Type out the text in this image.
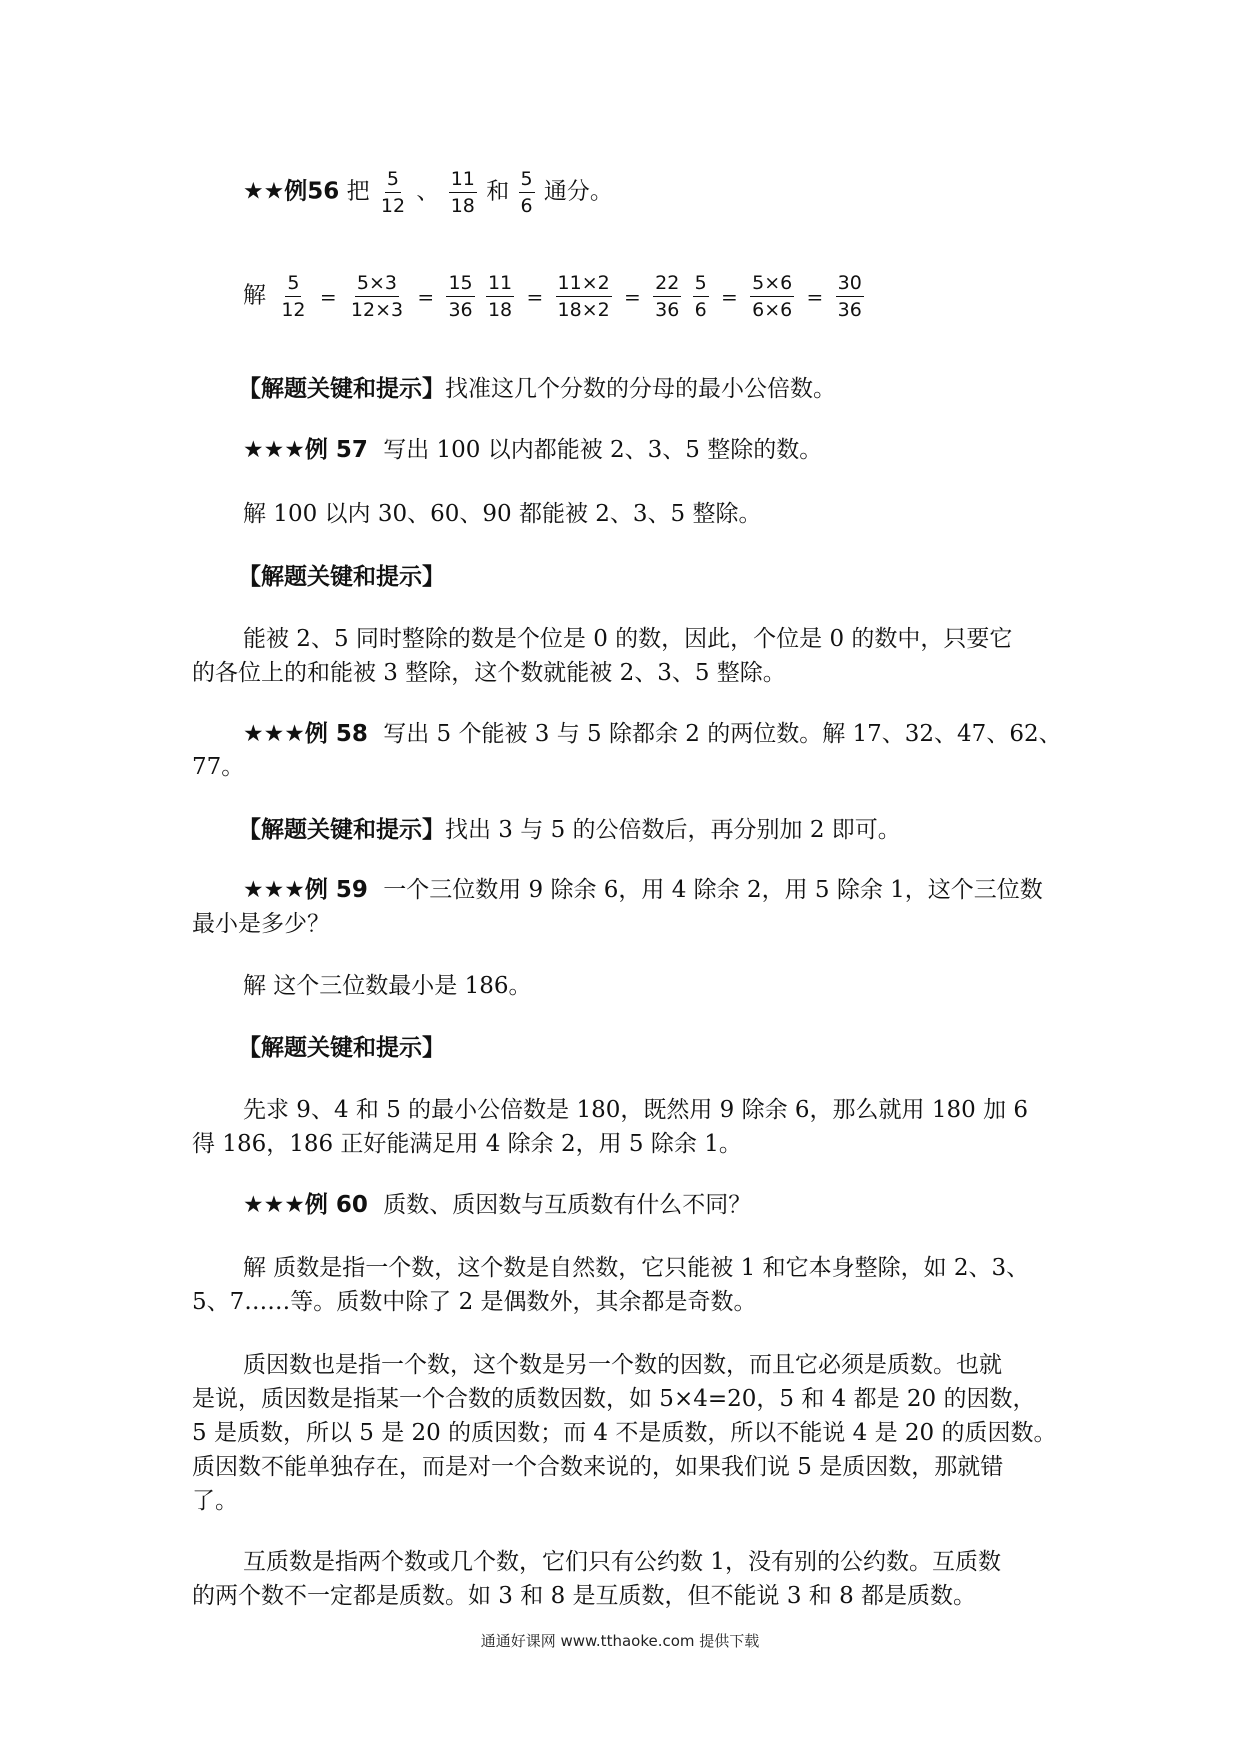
★★例56 把 $\frac{5}{12}$ 、 $\frac{11}{18}$ 和 $\frac{5}{6}$ 通分。
解 $\frac{5}{12} = \frac{5\times 3}{12\times 3} = \frac{15}{36}$
$\frac{11}{18} = \frac{11\times 2}{18\times 2} = \frac{22}{36}$
$\frac{5}{6} = \frac{5\times 6}{6\times 6} = \frac{30}{36}$
【解题关键和提示】找准这几个分数的分母的最小公倍数。
★★★例 57 写出 100 以内都能被 2、3、5 整除的数。
解 100 以内 30、60、90 都能被 2、3、5 整除。
【解题关键和提示】
能被 2、5 同时整除的数是个位是 0 的数，因此，个位是 0 的数中，只要它
的各位上的和能被 3 整除，这个数就能被 2、3、5 整除。
★★★例 58 写出 5 个能被 3 与 5 除都余 2 的两位数。解 17、32、47、62、
77。
【解题关键和提示】找出 3 与 5 的公倍数后，再分别加 2 即可。
★★★例 59 一个三位数用 9 除余 6，用 4 除余 2，用 5 除余 1，这个三位数
最小是多少？
解 这个三位数最小是 186。
【解题关键和提示】
先求 9、4 和 5 的最小公倍数是 180，既然用 9 除余 6，那么就用 180 加 6
得 186，186 正好能满足用 4 除余 2，用 5 除余 1。
★★★例 60 质数、质因数与互质数有什么不同？
解 质数是指一个数，这个数是自然数，它只能被 1 和它本身整除，如 2、3、
5、7……等。质数中除了 2 是偶数外，其余都是奇数。
质因数也是指一个数，这个数是另一个数的因数，而且它必须是质数。也就
是说，质因数是指某一个合数的质数因数，如 5×4=20，5 和 4 都是 20 的因数，
5 是质数，所以 5 是 20 的质因数；而 4 不是质数，所以不能说 4 是 20 的质因数。
质因数不能单独存在，而是对一个合数来说的，如果我们说 5 是质因数，那就错
了。
互质数是指两个数或几个数，它们只有公约数 1，没有别的公约数。互质数
的两个数不一定都是质数。如 3 和 8 是互质数，但不能说 3 和 8 都是质数。
通通好课网 www.tthaoke.com 提供下载
